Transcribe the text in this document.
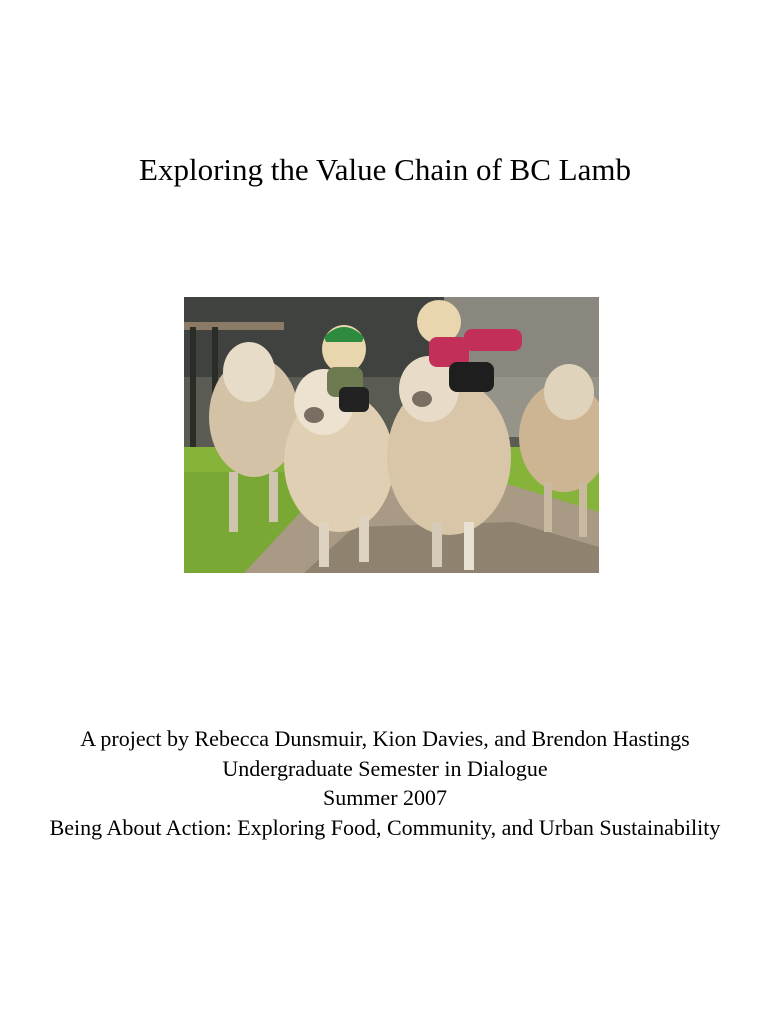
Exploring the Value Chain of BC Lamb
A project by Rebecca Dunsmuir, Kion Davies, and Brendon Hastings
Undergraduate Semester in Dialogue
Summer 2007
Being About Action: Exploring Food, Community, and Urban Sustainability
